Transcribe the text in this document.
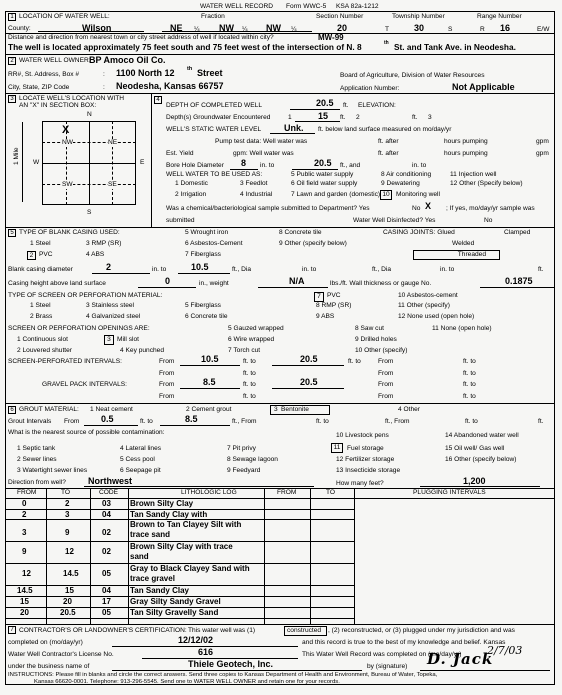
WATER WELL RECORD Form WWC-5 KSA 82a-1212
1 LOCATION OF WATER WELL:	Fraction	Section Number	Township Number	Range Number
County:	Wilson	NE ¼ NW ¼ NW ¼	20	T	30	S	R 16	E/W
Distance and direction from nearest town or city street address of well if located within city?	MW-99
The well is located approximately 75 feet south and 75 feet west of the intersection of N. 8	th St. and Tank Ave. in Neodesha.
2 WATER WELL OWNER:
BP Amoco Oil Co.
RR#, St. Address, Box #	: 1100 North 12 th Street	Board of Agriculture, Division of Water Resources
City, State, ZIP Code	: Neodesha, Kansas 66757	Application Number:	Not Applicable
3 LOCATE WELL'S LOCATION WITH
AN "X" IN SECTION BOX:
N
S
W	E
1 Mile
NW	NE
SW	SE
X
4
DEPTH OF COMPLETED WELL	20.5 ft. ELEVATION:
Depth(s) Groundwater Encountered	1	15 ft. 2	ft. 3
WELL'S STATIC WATER LEVEL	Unk. ft. below land surface measured on mo/day/yr
Pump test data: Well water was	ft. after	hours pumping	gpm
Est. Yield	gpm: Well water was	ft. after	hours pumping	gpm
Bore Hole Diameter 8 in. to	20.5 ft., and	in. to
WELL WATER TO BE USED AS:
1 Domestic	3 Feedlot
5 Public water supply	8 Air conditioning	11 Injection well
2 Irrigation	4 Industrial
6 Oil field water supply	9 Dewatering	12 Other (Specify below)
7 Lawn and garden (domestic) 10 Monitoring well
Was a chemical/bacteriological sample submitted to Department? Yes	No X ; If yes, mo/day/yr sample was
submitted	Water Well Disinfected? Yes	No
5 TYPE OF BLANK CASING USED:
1 Steel	3 RMP (SR)
5 Wrought iron	8 Concrete tile
2 PVC	4 ABS
6 Asbestos-Cement
7 Fiberglass
9 Other (specify below)
CASING JOINTS: Glued	Clamped
Welded
Threaded
Blank casing diameter	2	in. to	10.5	ft., Dia	in. to	ft., Dia	in. to	ft.
Casing height above land surface	0	in., weight	N/A	lbs./ft. Wall thickness or gauge No.	0.1875
TYPE OF SCREEN OR PERFORATION MATERIAL:
1 Steel	3 Stainless steel	5 Fiberglass
7 PVC	10 Asbestos-cement
2 Brass	4 Galvanized steel	6 Concrete tile
8 RMP (SR)	11 Other (specify)
9 ABS	12 None used (open hole)
SCREEN OR PERFORATION OPENINGS ARE:
1 Continuous slot	3 Mill slot
5 Gauzed wrapped	8 Saw cut	11 None (open hole)
2 Louvered shutter	4 Key punched
6 Wire wrapped	9 Drilled holes
7 Torch cut	10 Other (specify)
SCREEN-PERFORATED INTERVALS:	From	10.5	ft. to	20.5	ft. to
From	ft. to
From	ft. to
From	ft. to
GRAVEL PACK INTERVALS:	From	8.5	ft. to	20.5
From	ft. to
From	ft. to
From	ft. to
6 GROUT MATERIAL: 1 Neat cement	2 Cement grout	3 Bentonite	4 Other
Grout Intervals From 0.5	ft. to	8.5	ft., From	ft. to	ft., From	ft. to	ft.
What is the nearest source of possible contamination:
1 Septic tank	4 Lateral lines	7 Pit privy
10 Livestock pens	14 Abandoned water well
2 Sewer lines	5 Cess pool	8 Sewage lagoon
11 Fuel storage	15 Oil well/ Gas well
3 Watertight sewer lines	6 Seepage pit	9 Feedyard
12 Fertilizer storage	16 Other (specify below)
13 Insecticide storage
Direction from well? Northwest	How many feet?	1,200
FROM	TO	CODE	LITHOLOGIC LOG	FROM	TO	PLUGGING INTERVALS
0	2	03 Brown Silty Clay
2	3	04 Tan Sandy Clay with
3	9	02
Brown to Tan Clayey Silt with
trace sand
9	12	02
Brown Silty Clay with trace
sand
12	14.5	05
Gray to Black Clayey Sand with
trace gravel
14.5	15	04 Tan Sandy Clay
15	20	17 Gray Silty Sandy Gravel
20	20.5	05 Tan Silty Gravelly Sand
7 CONTRACTOR'S OR LANDOWNER'S CERTIFICATION: This water well was (1)	constructed	, (2) reconstructed, or (3) plugged under my jurisdiction and was
completed on (mo/day/yr)	12/12/02	and this record is true to the best of my knowledge and belief. Kansas
Water Well Contractor's License No.	616	This Water Well Record was completed on (mo/day/yr) 2/7/03
under the business name of	Thiele Geotech, Inc.	by (signature) D. Jack
INSTRUCTIONS: Please fill in blanks and circle the correct answers. Send three copies to Kansas Department of Health and Environment, Bureau of Water, Topeka,
Kansas 66620-0001. Telephone: 913-296-5545. Send one to WATER WELL OWNER and retain one for your records.
